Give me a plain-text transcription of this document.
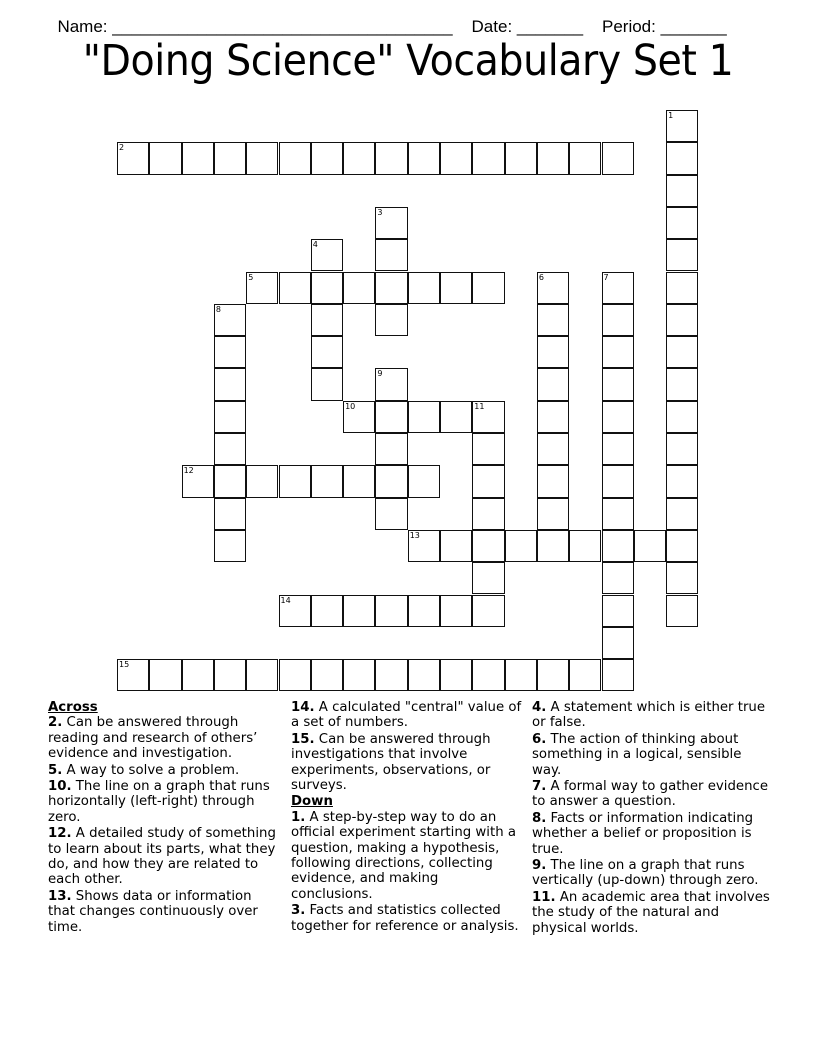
Name: ____________________________________ Date: _______ Period: _______

"Doing Science" Vocabulary Set 1
1
2
3
4
5	6	7
8
9
10	11
12
13
14
15
Across
2. Can be answered through reading and research of others’ evidence and investigation.
5. A way to solve a problem.
10. The line on a graph that runs horizontally (left-right) through zero.
12. A detailed study of something to learn about its parts, what they do, and how they are related to each other.
13. Shows data or information that changes continuously over time.
14. A calculated "central" value of a set of numbers.
15. Can be answered through investigations that involve experiments, observations, or surveys.
Down
1. A step-by-step way to do an official experiment starting with a question, making a hypothesis, following directions, collecting evidence, and making conclusions.
3. Facts and statistics collected together for reference or analysis.
4. A statement which is either true or false.
6. The action of thinking about something in a logical, sensible way.
7. A formal way to gather evidence to answer a question.
8. Facts or information indicating whether a belief or proposition is true.
9. The line on a graph that runs vertically (up-down) through zero.
11. An academic area that involves the study of the natural and physical worlds.
